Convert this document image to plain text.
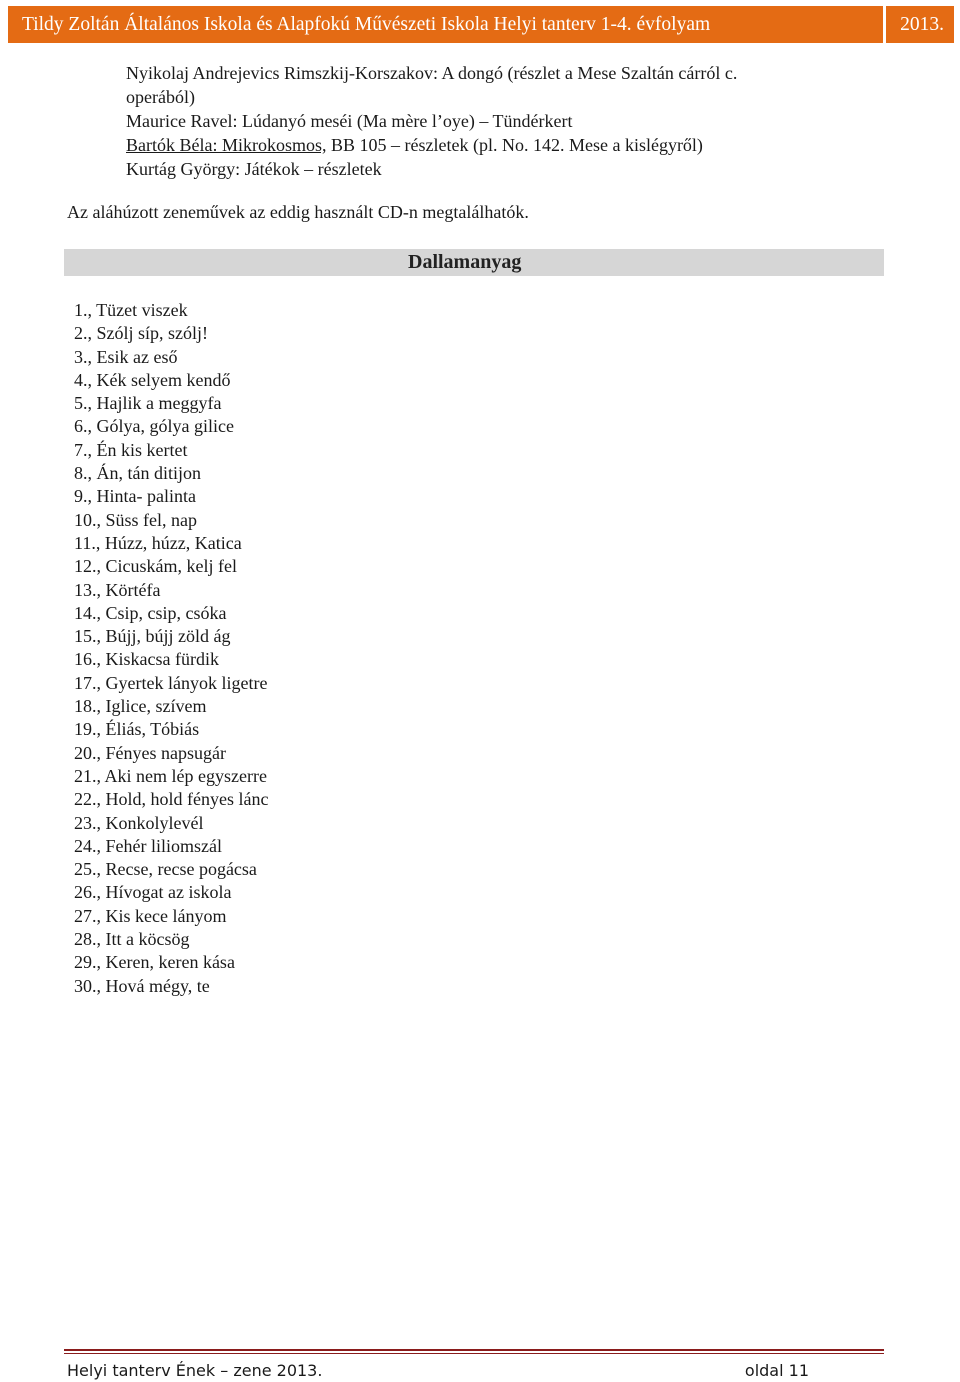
Tildy Zoltán Általános Iskola és Alapfokú Művészeti Iskola Helyi tanterv 1-4. évfolyam	2013.
Nyikolaj Andrejevics Rimszkij-Korszakov: A dongó (részlet a Mese Szaltán cárról c.
operából)
Maurice Ravel: Lúdanyó meséi (Ma mère l’oye) – Tündérkert
Bartók Béla: Mikrokosmos, BB 105 – részletek (pl. No. 142. Mese a kislégyről)
Kurtág György: Játékok – részletek
Az aláhúzott zeneművek az eddig használt CD-n megtalálhatók.
Dallamanyag
1., Tüzet viszek
2., Szólj síp, szólj!
3., Esik az eső
4., Kék selyem kendő
5., Hajlik a meggyfa
6., Gólya, gólya gilice
7., Én kis kertet
8., Án, tán ditijon
9., Hinta- palinta
10., Süss fel, nap
11., Húzz, húzz, Katica
12., Cicuskám, kelj fel
13., Körtéfa
14., Csip, csip, csóka
15., Bújj, bújj zöld ág
16., Kiskacsa fürdik
17., Gyertek lányok ligetre
18., Iglice, szívem
19., Éliás, Tóbiás
20., Fényes napsugár
21., Aki nem lép egyszerre
22., Hold, hold fényes lánc
23., Konkolylevél
24., Fehér liliomszál
25., Recse, recse pogácsa
26., Hívogat az iskola
27., Kis kece lányom
28., Itt a köcsög
29., Keren, keren kása
30., Hová mégy, te
Helyi tanterv Ének – zene 2013.	oldal 11
